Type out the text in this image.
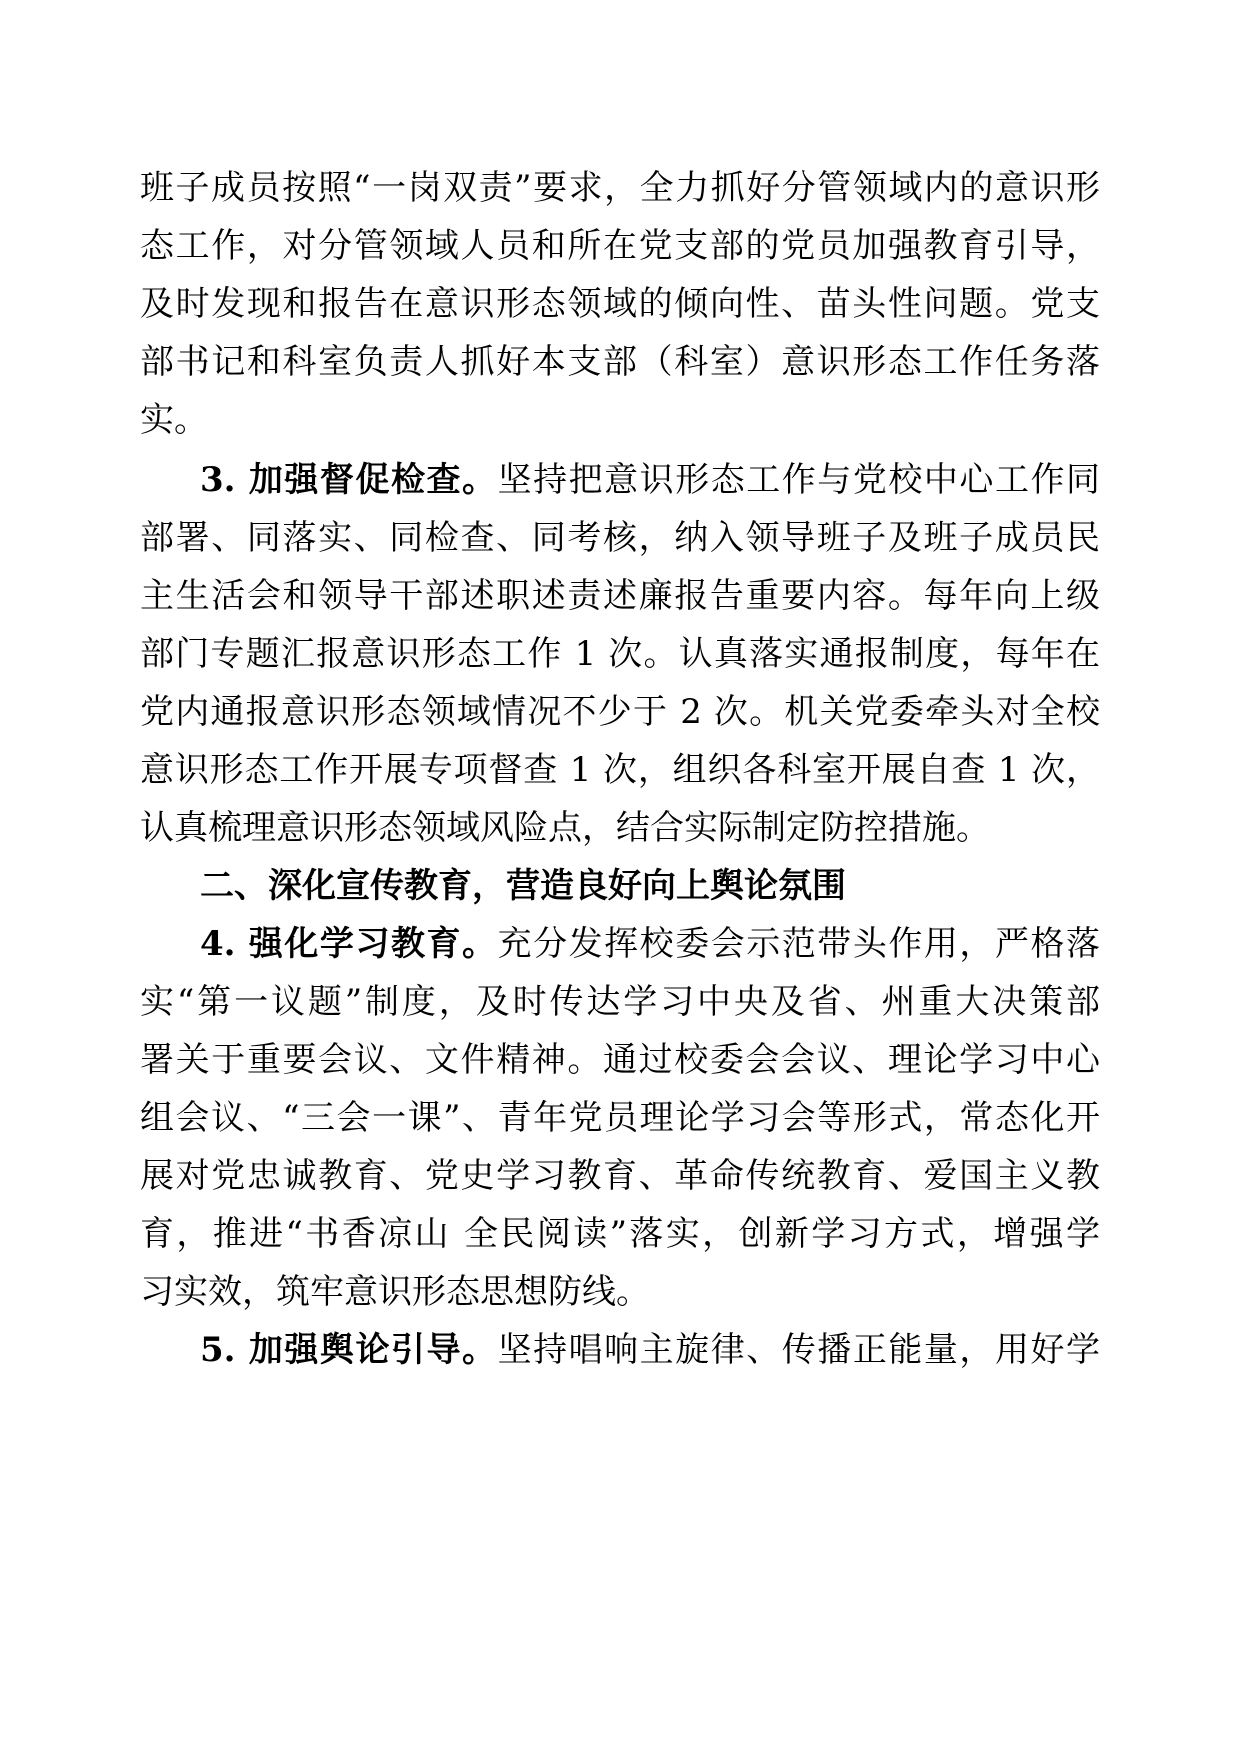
班子成员按照“一岗双责”要求，全力抓好分管领域内的意识形
态工作，对分管领域人员和所在党支部的党员加强教育引导，
及时发现和报告在意识形态领域的倾向性、苗头性问题。党支
部书记和科室负责人抓好本支部（科室）意识形态工作任务落
实。
3. 加强督促检查。坚持把意识形态工作与党校中心工作同
部署、同落实、同检查、同考核，纳入领导班子及班子成员民
主生活会和领导干部述职述责述廉报告重要内容。每年向上级
部门专题汇报意识形态工作 1 次。认真落实通报制度，每年在
党内通报意识形态领域情况不少于 2 次。机关党委牵头对全校
意识形态工作开展专项督查 1 次，组织各科室开展自查 1 次，
认真梳理意识形态领域风险点，结合实际制定防控措施。
二、深化宣传教育，营造良好向上舆论氛围
4. 强化学习教育。充分发挥校委会示范带头作用，严格落
实“第一议题”制度，及时传达学习中央及省、州重大决策部
署关于重要会议、文件精神。通过校委会会议、理论学习中心
组会议、“三会一课”、青年党员理论学习会等形式，常态化开
展对党忠诚教育、党史学习教育、革命传统教育、爱国主义教
育，推进“书香凉山 全民阅读”落实，创新学习方式，增强学
习实效，筑牢意识形态思想防线。
5. 加强舆论引导。坚持唱响主旋律、传播正能量，用好学
